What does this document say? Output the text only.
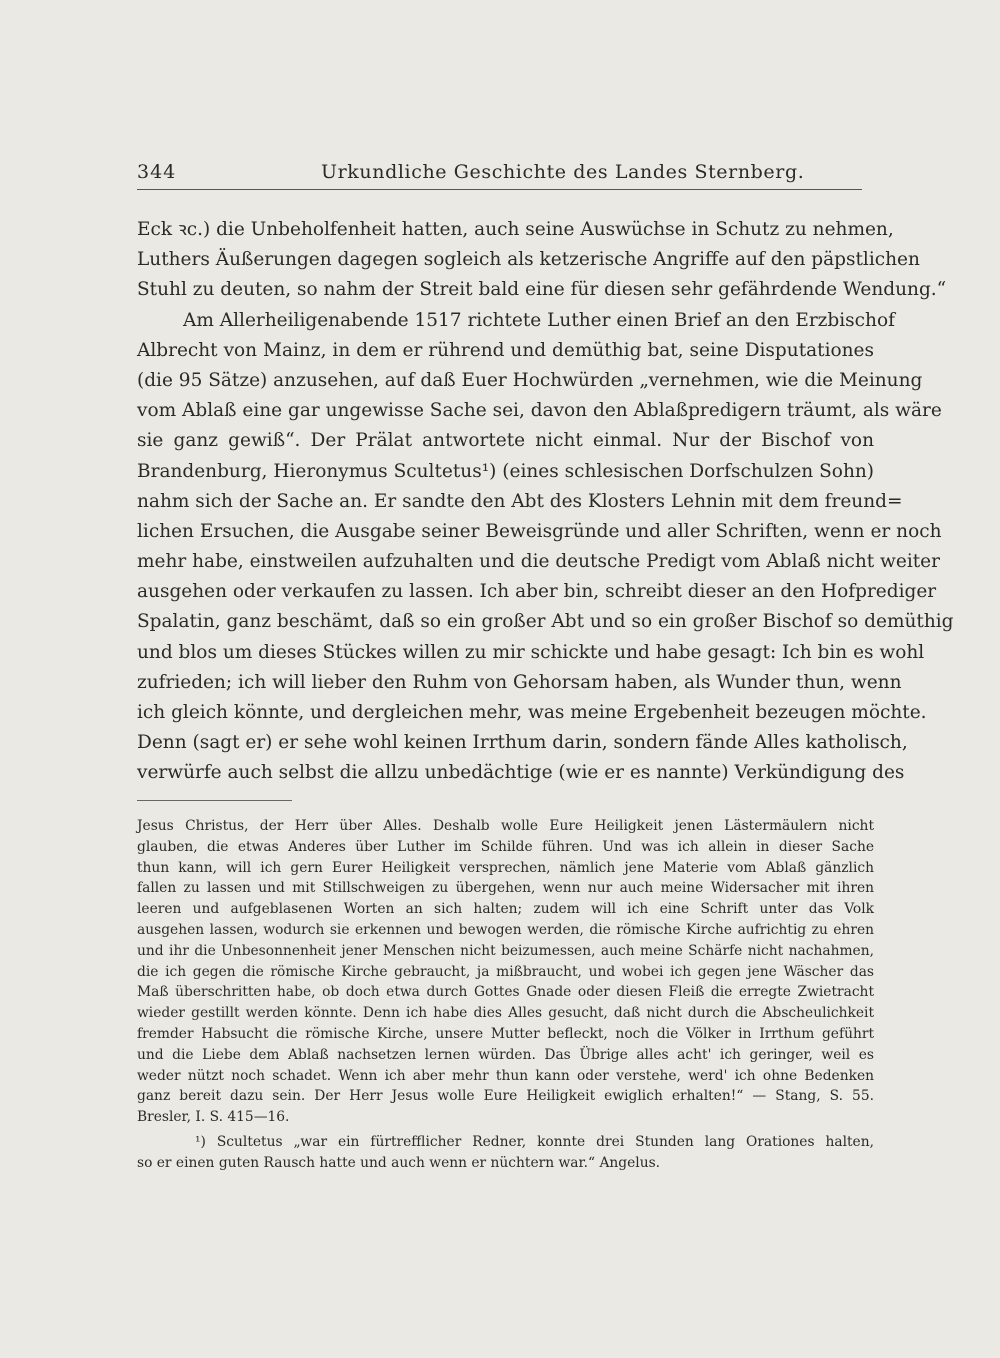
344	Urkundliche Geschichte des Landes Sternberg.
Eck ꝛc.) die Unbeholfenheit hatten, auch seine Auswüchse in Schutz zu nehmen,
Luthers Äußerungen dagegen sogleich als ketzerische Angriffe auf den päpstlichen
Stuhl zu deuten, so nahm der Streit bald eine für diesen sehr gefährdende Wendung.“
Am Allerheiligenabende 1517 richtete Luther einen Brief an den Erzbischof
Albrecht von Mainz, in dem er rührend und demüthig bat, seine Disputationes
(die 95 Sätze) anzusehen, auf daß Euer Hochwürden „vernehmen, wie die Meinung
vom Ablaß eine gar ungewisse Sache sei, davon den Ablaßpredigern träumt, als wäre
sie ganz gewiß“. Der Prälat antwortete nicht einmal. Nur der Bischof von
Brandenburg, Hieronymus Scultetus¹) (eines schlesischen Dorfschulzen Sohn)
nahm sich der Sache an. Er sandte den Abt des Klosters Lehnin mit dem freund=
lichen Ersuchen, die Ausgabe seiner Beweisgründe und aller Schriften, wenn er noch
mehr habe, einstweilen aufzuhalten und die deutsche Predigt vom Ablaß nicht weiter
ausgehen oder verkaufen zu lassen. Ich aber bin, schreibt dieser an den Hofprediger
Spalatin, ganz beschämt, daß so ein großer Abt und so ein großer Bischof so demüthig
und blos um dieses Stückes willen zu mir schickte und habe gesagt: Ich bin es wohl
zufrieden; ich will lieber den Ruhm von Gehorsam haben, als Wunder thun, wenn
ich gleich könnte, und dergleichen mehr, was meine Ergebenheit bezeugen möchte.
Denn (sagt er) er sehe wohl keinen Irrthum darin, sondern fände Alles katholisch,
verwürfe auch selbst die allzu unbedächtige (wie er es nannte) Verkündigung des
Jesus Christus, der Herr über Alles. Deshalb wolle Eure Heiligkeit jenen Lästermäulern nicht
glauben, die etwas Anderes über Luther im Schilde führen. Und was ich allein in dieser Sache
thun kann, will ich gern Eurer Heiligkeit versprechen, nämlich jene Materie vom Ablaß gänzlich
fallen zu lassen und mit Stillschweigen zu übergehen, wenn nur auch meine Widersacher mit ihren
leeren und aufgeblasenen Worten an sich halten; zudem will ich eine Schrift unter das Volk
ausgehen lassen, wodurch sie erkennen und bewogen werden, die römische Kirche aufrichtig zu ehren
und ihr die Unbesonnenheit jener Menschen nicht beizumessen, auch meine Schärfe nicht nachahmen,
die ich gegen die römische Kirche gebraucht, ja mißbraucht, und wobei ich gegen jene Wäscher das
Maß überschritten habe, ob doch etwa durch Gottes Gnade oder diesen Fleiß die erregte Zwietracht
wieder gestillt werden könnte. Denn ich habe dies Alles gesucht, daß nicht durch die Abscheulichkeit
fremder Habsucht die römische Kirche, unsere Mutter befleckt, noch die Völker in Irrthum geführt
und die Liebe dem Ablaß nachsetzen lernen würden. Das Übrige alles acht' ich geringer, weil es
weder nützt noch schadet. Wenn ich aber mehr thun kann oder verstehe, werd' ich ohne Bedenken
ganz bereit dazu sein. Der Herr Jesus wolle Eure Heiligkeit ewiglich erhalten!“ — Stang, S. 55.
Bresler, I. S. 415—16.
¹) Scultetus „war ein fürtrefflicher Redner, konnte drei Stunden lang Orationes halten,
so er einen guten Rausch hatte und auch wenn er nüchtern war.“ Angelus.
